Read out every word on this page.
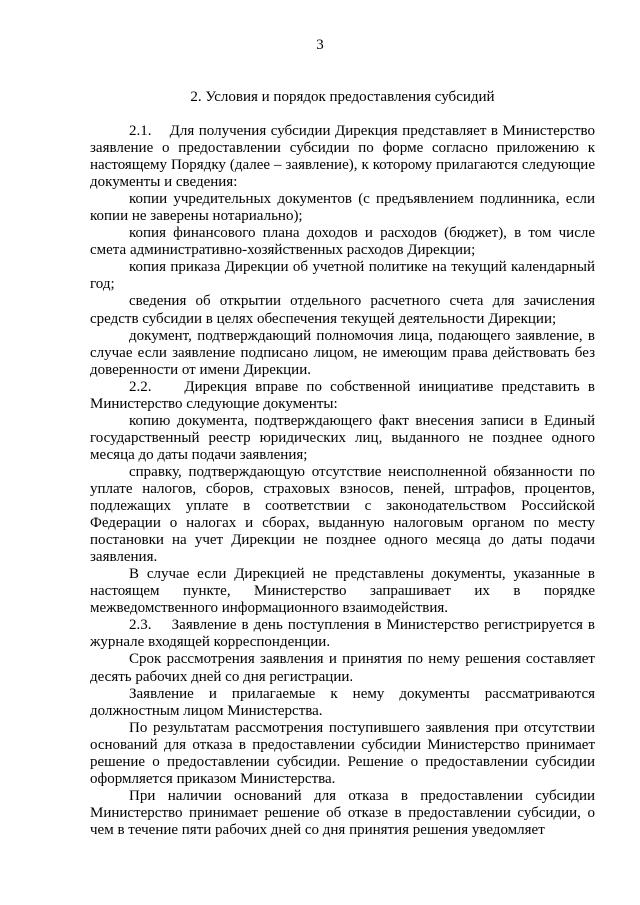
3
2. Условия и порядок предоставления субсидий

2.1.    Для получения субсидии Дирекция представляет в Министерство заявление о предоставлении субсидии по форме согласно приложению к настоящему Порядку (далее – заявление), к которому прилагаются следующие документы и сведения:

копии учредительных документов (с предъявлением подлинника, если копии не заверены нотариально);

копия финансового плана доходов и расходов (бюджет), в том числе смета административно-хозяйственных расходов Дирекции;

копия приказа Дирекции об учетной политике на текущий календарный год;

сведения об открытии отдельного расчетного счета для зачисления средств субсидии в целях обеспечения текущей деятельности Дирекции;

документ, подтверждающий полномочия лица, подающего заявление, в случае если заявление подписано лицом, не имеющим права действовать без доверенности от имени Дирекции.

2.2.    Дирекция вправе по собственной инициативе представить в Министерство следующие документы:

копию документа, подтверждающего факт внесения записи в Единый государственный реестр юридических лиц, выданного не позднее одного месяца до даты подачи заявления;

справку, подтверждающую отсутствие неисполненной обязанности по уплате налогов, сборов, страховых взносов, пеней, штрафов, процентов, подлежащих уплате в соответствии с законодательством Российской Федерации о налогах и сборах, выданную налоговым органом по месту постановки на учет Дирекции не позднее одного месяца до даты подачи заявления.

В случае если Дирекцией не представлены документы, указанные в настоящем пункте, Министерство запрашивает их в порядке межведомственного информационного взаимодействия.

2.3.    Заявление в день поступления в Министерство регистрируется в журнале входящей корреспонденции.

Срок рассмотрения заявления и принятия по нему решения составляет десять рабочих дней со дня регистрации.

Заявление и прилагаемые к нему документы рассматриваются должностным лицом Министерства.

По результатам рассмотрения поступившего заявления при отсутствии оснований для отказа в предоставлении субсидии Министерство принимает решение о предоставлении субсидии. Решение о предоставлении субсидии оформляется приказом Министерства.

При наличии оснований для отказа в предоставлении субсидии Министерство принимает решение об отказе в предоставлении субсидии, о чем в течение пяти рабочих дней со дня принятия решения уведомляет
